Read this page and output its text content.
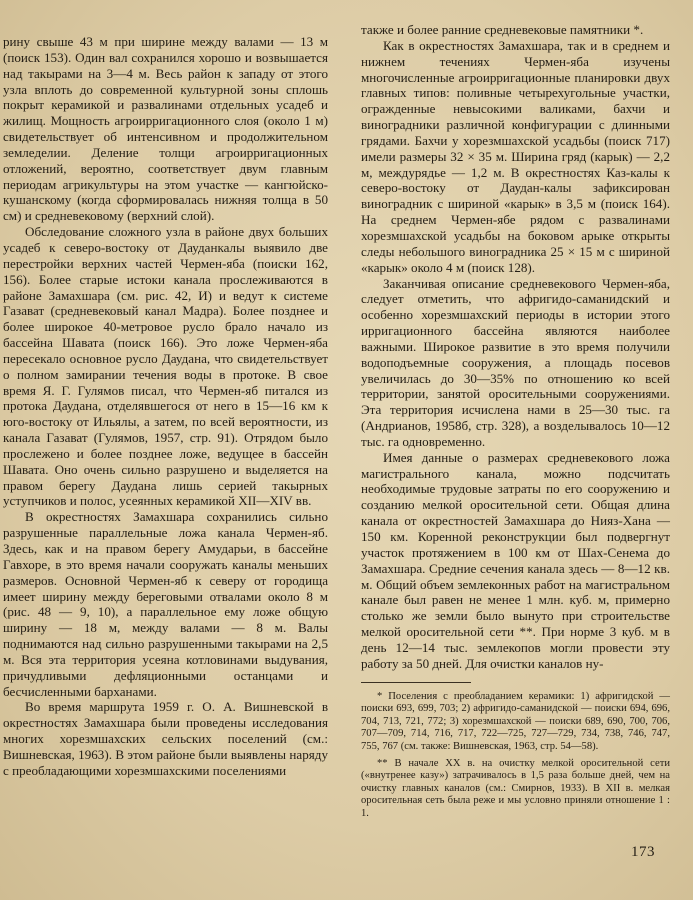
рину свыше 43 м при ширине между валами — 13 м (поиск 153). Один вал сохранился хорошо и возвышается над такырами на 3—4 м. Весь район к западу от этого узла вплоть до современной культурной зоны сплошь покрыт керамикой и развалинами отдельных усадеб и жилищ. Мощность агроирригационного слоя (около 1 м) свидетельствует об интенсивном и продолжительном земледелии. Деление толщи агроирригационных отложений, вероятно, соответствует двум главным периодам агрикультуры на этом участке — кангюйско-кушанскому (когда сформировалась нижняя толща в 50 см) и средневековому (верхний слой).

Обследование сложного узла в районе двух больших усадеб к северо-востоку от Дауданкалы выявило две перестройки верхних частей Чермен-яба (поиски 162, 156). Более старые истоки канала прослеживаются в районе Замахшара (см. рис. 42, И) и ведут к системе Газават (средневековый канал Мадра). Более позднее и более широкое 40-метровое русло брало начало из бассейна Шавата (поиск 166). Это ложе Чермен-яба пересекало основное русло Даудана, что свидетельствует о полном замирании течения воды в протоке. В свое время Я. Г. Гулямов писал, что Чермен-яб питался из протока Даудана, отделявшегося от него в 15—16 км к юго-востоку от Ильялы, а затем, по всей вероятности, из канала Газават (Гулямов, 1957, стр. 91). Отрядом было прослежено и более позднее ложе, ведущее в бассейн Шавата. Оно очень сильно разрушено и выделяется на правом берегу Даудана лишь серией такырных уступчиков и полос, усеянных керамикой XII—XIV вв.

В окрестностях Замахшара сохранились сильно разрушенные параллельные ложа канала Чермен-яб. Здесь, как и на правом берегу Амударьи, в бассейне Гавхоре, в это время начали сооружать каналы меньших размеров. Основной Чермен-яб к северу от городища имеет ширину между береговыми отвалами около 8 м (рис. 48 — 9, 10), а параллельное ему ложе общую ширину — 18 м, между валами — 8 м. Валы поднимаются над сильно разрушенными такырами на 2,5 м. Вся эта территория усеяна котловинами выдувания, причудливыми дефляционными останцами и бесчисленными барханами.

Во время маршрута 1959 г. О. А. Вишневской в окрестностях Замахшара были проведены исследования многих хорезмшахских сельских поселений (см.: Вишневская, 1963). В этом районе были выявлены наряду с преобладающими хорезмшахскими поселениями

также и более ранние средневековые памятники *.

Как в окрестностях Замахшара, так и в среднем и нижнем течениях Чермен-яба изучены многочисленные агроирригационные планировки двух главных типов: поливные четырехугольные участки, огражденные невысокими валиками, бахчи и виноградники различной конфигурации с длинными грядами. Бахчи у хорезмшахской усадьбы (поиск 717) имели размеры 32 × 35 м. Ширина гряд (карык) — 2,2 м, междурядье — 1,2 м. В окрестностях Каз-калы к северо-востоку от Даудан-калы зафиксирован виноградник с шириной «карык» в 3,5 м (поиск 164). На среднем Чермен-ябе рядом с развалинами хорезмшахской усадьбы на боковом арыке открыты следы небольшого виноградника 25 × 15 м с шириной «карык» около 4 м (поиск 128).

Заканчивая описание средневекового Чермен-яба, следует отметить, что афригидо-саманидский и особенно хорезмшахский периоды в истории этого ирригационного бассейна являются наиболее важными. Широкое развитие в это время получили водоподъемные сооружения, а площадь посевов увеличилась до 30—35% по отношению ко всей территории, занятой оросительными сооружениями. Эта территория исчислена нами в 25—30 тыс. га (Андрианов, 1958б, стр. 328), а возделывалось 10—12 тыс. га одновременно.

Имея данные о размерах средневекового ложа магистрального канала, можно подсчитать необходимые трудовые затраты по его сооружению и созданию мелкой оросительной сети. Общая длина канала от окрестностей Замахшара до Нияз-Хана — 150 км. Коренной реконструкции был подвергнут участок протяжением в 100 км от Шах-Сенема до Замахшара. Средние сечения канала здесь — 8—12 кв. м. Общий объем землеконных работ на магистральном канале был равен не менее 1 млн. куб. м, примерно столько же земли было вынуто при строительстве мелкой оросительной сети **. При норме 3 куб. м в день 12—14 тыс. землекопов могли провести эту работу за 50 дней. Для очистки каналов ну-

* Поселения с преобладанием керамики: 1) афригидской — поиски 693, 699, 703; 2) афригидо-саманидской — поиски 694, 696, 704, 713, 721, 772; 3) хорезмшахской — поиски 689, 690, 700, 706, 707—709, 714, 716, 717, 722—725, 727—729, 734, 738, 746, 747, 755, 767 (см. также: Вишневская, 1963, стр. 54—58).

** В начале XX в. на очистку мелкой оросительной сети («внутренее казу») затрачивалось в 1,5 раза больше дней, чем на очистку главных каналов (см.: Смирнов, 1933). В XII в. мелкая оросительная сеть была реже и мы условно приняли отношение 1 : 1.

173
